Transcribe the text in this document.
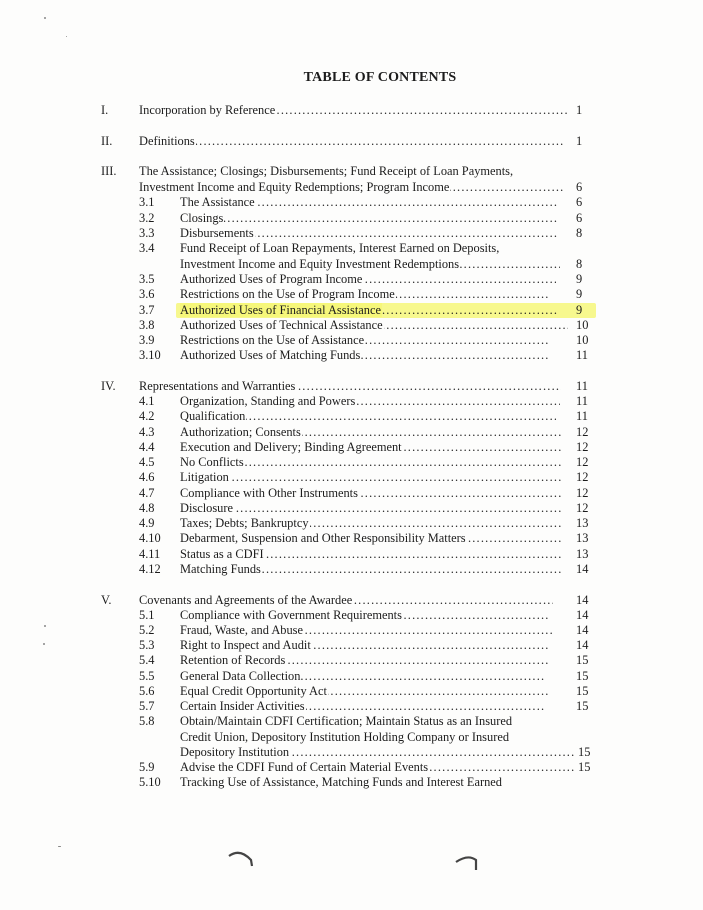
TABLE OF CONTENTS
I. Incorporation by Reference .....	1
II. Definitions .....	1
III. The Assistance; Closings; Disbursements; Fund Receipt of Loan Payments,
Investment Income and Equity Redemptions; Program Income .....	6
3.1 The Assistance .....	6
3.2 Closings .....	6
3.3 Disbursements .....	8
3.4 Fund Receipt of Loan Repayments, Interest Earned on Deposits,
Investment Income and Equity Investment Redemptions .....	8
3.5 Authorized Uses of Program Income .....	9
3.6 Restrictions on the Use of Program Income .....	9
3.7 Authorized Uses of Financial Assistance .....	9
3.8 Authorized Uses of Technical Assistance .....	10
3.9 Restrictions on the Use of Assistance .....	10
3.10 Authorized Uses of Matching Funds .....	11
IV. Representations and Warranties .....	11
4.1 Organization, Standing and Powers .....	11
4.2 Qualification .....	11
4.3 Authorization; Consents .....	12
4.4 Execution and Delivery; Binding Agreement .....	12
4.5 No Conflicts .....	12
4.6 Litigation .....	12
4.7 Compliance with Other Instruments .....	12
4.8 Disclosure .....	12
4.9 Taxes; Debts; Bankruptcy .....	13
4.10 Debarment, Suspension and Other Responsibility Matters .....	13
4.11 Status as a CDFI .....	13
4.12 Matching Funds .....	14
V. Covenants and Agreements of the Awardee .....	14
5.1 Compliance with Government Requirements .....	14
5.2 Fraud, Waste, and Abuse .....	14
5.3 Right to Inspect and Audit .....	14
5.4 Retention of Records .....	15
5.5 General Data Collection .....	15
5.6 Equal Credit Opportunity Act .....	15
5.7 Certain Insider Activities .....	15
5.8 Obtain/Maintain CDFI Certification; Maintain Status as an Insured
Credit Union, Depository Institution Holding Company or Insured
Depository Institution .....	15
5.9 Advise the CDFI Fund of Certain Material Events .....	15
5.10 Tracking Use of Assistance, Matching Funds and Interest Earned
